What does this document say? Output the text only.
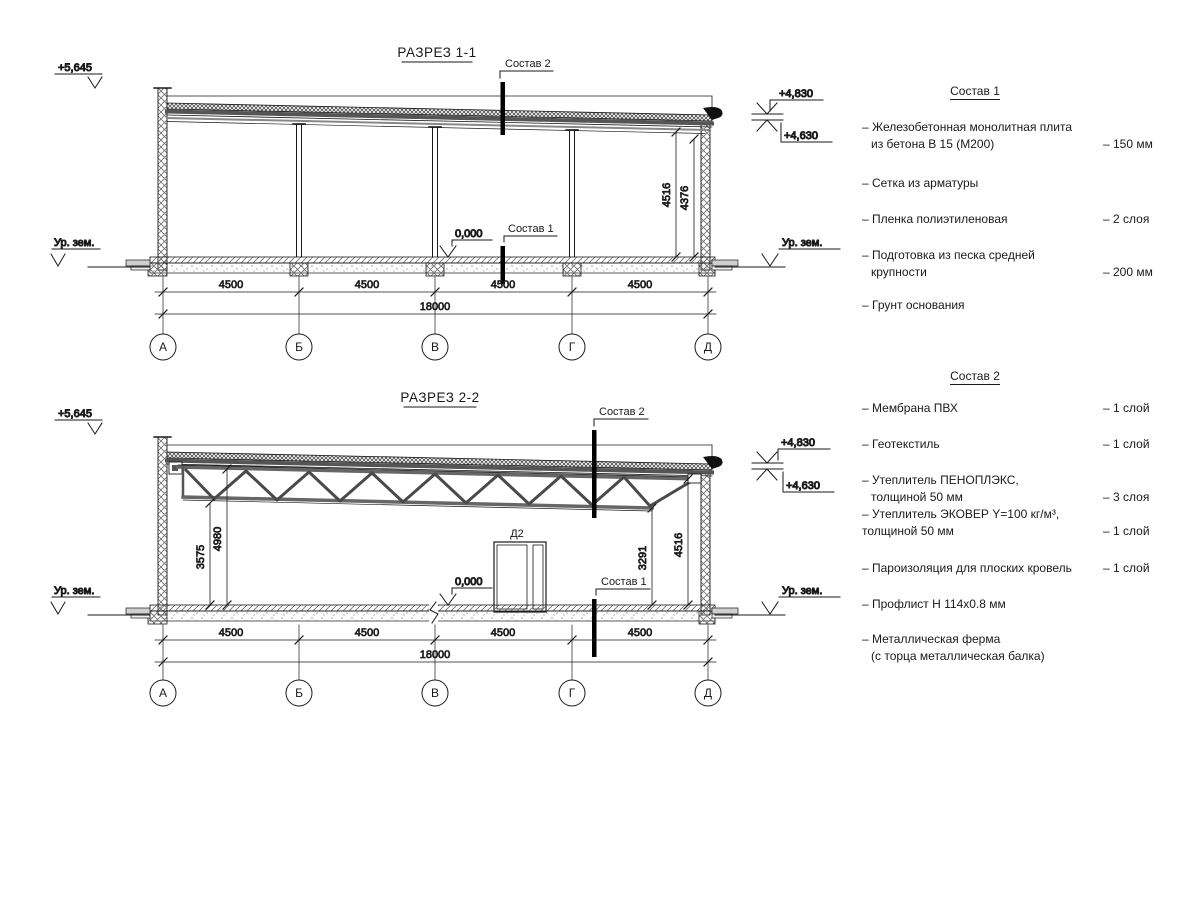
РАЗРЕЗ 1-1
+5,645
Ур. зем.
+4,830
+4,630
Ур. зем.
0,000
Состав 2
Состав 1
4516 4376
4500	4500	4500	4500
18000
А	Б	В	Г	Д
РАЗРЕЗ 2-2
Д2
+5,645
Ур. зем.
+4,830
+4,630
Ур. зем.
0,000
Состав 2
Состав 1
3575
4980
3291
4516
4500	4500	4500	4500
18000
А	Б	В	Г	Д
Состав 1
– Железобетонная монолитная плита
из бетона В 15 (М200)	– 150 мм
– Сетка из арматуры
– Пленка полиэтиленовая	– 2 слоя
– Подготовка из песка средней
крупности	– 200 мм
– Грунт основания
Состав 2
– Мембрана ПВХ	– 1 слой
– Геотекстиль	– 1 слой
– Утеплитель ПЕНОПЛЭКС,
толщиной 50 мм	– 3 слоя
– Утеплитель ЭКОВЕР Y=100 кг/м³,
толщиной 50 мм	– 1 слой
– Пароизоляция для плоских кровель	– 1 слой
– Профлист Н 114х0.8 мм
– Металлическая ферма
(с торца металлическая балка)
